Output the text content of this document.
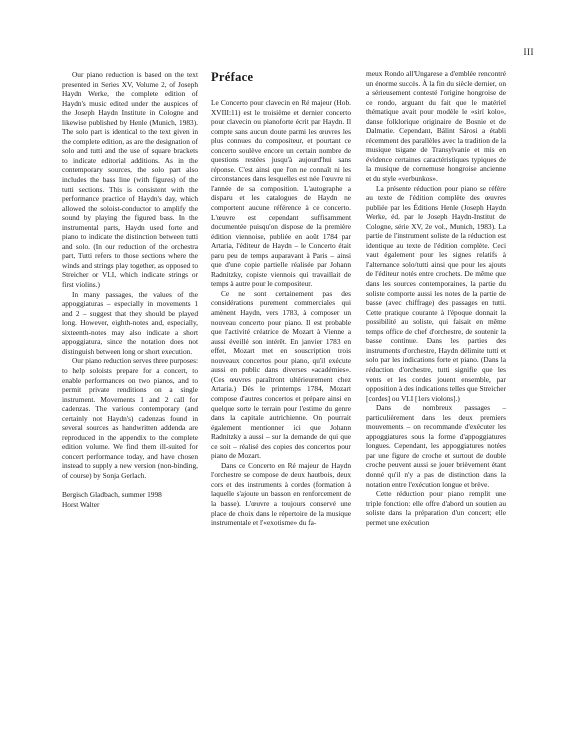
III

Our piano reduction is based on the text presented in Series XV, Volume 2, of Joseph Haydn Werke, the complete edition of Haydn's music edited under the auspices of the Joseph Haydn Institute in Cologne and likewise published by Henle (Munich, 1983). The solo part is identical to the text given in the complete edition, as are the designation of solo and tutti and the use of square brackets to indicate editorial additions. As in the contemporary sources, the solo part also includes the bass line (with figures) of the tutti sections. This is consistent with the performance practice of Haydn's day, which allowed the soloist-conductor to amplify the sound by playing the figured bass. In the instrumental parts, Haydn used forte and piano to indicate the distinction between tutti and solo. (In our reduction of the orchestra part, Tutti refers to those sections where the winds and strings play together, as opposed to Streicher or VLI, which indicate strings or first violins.)

In many passages, the values of the appoggiaturas – especially in movements 1 and 2 – suggest that they should be played long. However, eighth-notes and, especially, sixteenth-notes may also indicate a short appoggiatura, since the notation does not distinguish between long or short execution.

Our piano reduction serves three purposes: to help soloists prepare for a concert, to enable performances on two pianos, and to permit private renditions on a single instrument. Movements 1 and 2 call for cadenzas. The various contemporary (and certainly not Haydn's) cadenzas found in several sources as handwritten addenda are reproduced in the appendix to the complete edition volume. We find them ill-suited for concert performance today, and have chosen instead to supply a new version (non-binding, of course) by Sonja Gerlach.

Bergisch Gladbach, summer 1998

Horst Walter

Préface

Le Concerto pour clavecin en Ré majeur (Hob. XVIII:11) est le troisième et dernier concerto pour clavecin ou pianoforte écrit par Haydn. Il compte sans aucun doute parmi les œuvres les plus connues du compositeur, et pourtant ce concerto soulève encore un certain nombre de questions restées jusqu'à aujourd'hui sans réponse. C'est ainsi que l'on ne connaît ni les circonstances dans lesquelles est née l'œuvre ni l'année de sa composition. L'autographe a disparu et les catalogues de Haydn ne comportent aucune référence à ce concerto. L'œuvre est cependant suffisamment documentée puisqu'on dispose de la première édition viennoise, publiée en août 1784 par Artaria, l'éditeur de Haydn – le Concerto était paru peu de temps auparavant à Paris – ainsi que d'une copie partielle réalisée par Johann Radnitzky, copiste viennois qui travaillait de temps à autre pour le compositeur.

Ce ne sont certainement pas des considérations purement commerciales qui amènent Haydn, vers 1783, à composer un nouveau concerto pour piano. Il est probable que l'activité créatrice de Mozart à Vienne a aussi éveillé son intérêt. En janvier 1783 en effet, Mozart met en souscription trois nouveaux concertos pour piano, qu'il exécute aussi en public dans diverses «académies». (Ces œuvres paraîtront ultérieurement chez Artaria.) Dès le printemps 1784, Mozart compose d'autres concertos et prépare ainsi en quelque sorte le terrain pour l'estime du genre dans la capitale autrichienne. On pourrait également mentionner ici que Johann Radnitzky a aussi – sur la demande de qui que ce soit – réalisé des copies des concertos pour piano de Mozart.

Dans ce Concerto en Ré majeur de Haydn l'orchestre se compose de deux hautbois, deux cors et des instruments à cordes (formation à laquelle s'ajoute un basson en renforcement de la basse). L'œuvre a toujours conservé une place de choix dans le répertoire de la musique instrumentale et l'«exotisme» du fa-

meux Rondo all'Ungarese a d'emblée rencontré un énorme succès. À la fin du siècle dernier, on a sérieusement contesté l'origine hongroise de ce rondo, arguant du fait que le matériel thématique avait pour modèle le «sirí kolo», danse folklorique originaire de Bosnie et de Dalmatie. Cependant, Bálint Sárosi a établi récemment des parallèles avec la tradition de la musique tsigane de Transylvanie et mis en évidence certaines caractéristiques typiques de la musique de cornemuse hongroise ancienne et du style «verbunkos».

La présente réduction pour piano se réfère au texte de l'édition complète des œuvres publiée par les Éditions Henle (Joseph Haydn Werke, éd. par le Joseph Haydn-Institut de Cologne, série XV, 2e vol., Munich, 1983). La partie de l'instrument soliste de la réduction est identique au texte de l'édition complète. Ceci vaut également pour les signes relatifs à l'alternance solo/tutti ainsi que pour les ajouts de l'éditeur notés entre crochets. De même que dans les sources contemporaines, la partie du soliste comporte aussi les notes de la partie de basse (avec chiffrage) des passages en tutti. Cette pratique courante à l'époque donnait la possibilité au soliste, qui faisait en même temps office de chef d'orchestre, de soutenir la basse continue. Dans les parties des instruments d'orchestre, Haydn délimite tutti et solo par les indications forte et piano. (Dans la réduction d'orchestre, tutti signifie que les vents et les cordes jouent ensemble, par opposition à des indications telles que Streicher [cordes] ou VLI [1ers violons].)

Dans de nombreux passages – particulièrement dans les deux premiers mouvements – on recommande d'exécuter les appoggiatures sous la forme d'appoggiatures longues. Cependant, les appoggiatures notées par une figure de croche et surtout de double croche peuvent aussi se jouer brièvement étant donné qu'il n'y a pas de distinction dans la notation entre l'exécution longue et brève.

Cette réduction pour piano remplit une triple fonction: elle offre d'abord un soutien au soliste dans la préparation d'un concert; elle permet une exécution
